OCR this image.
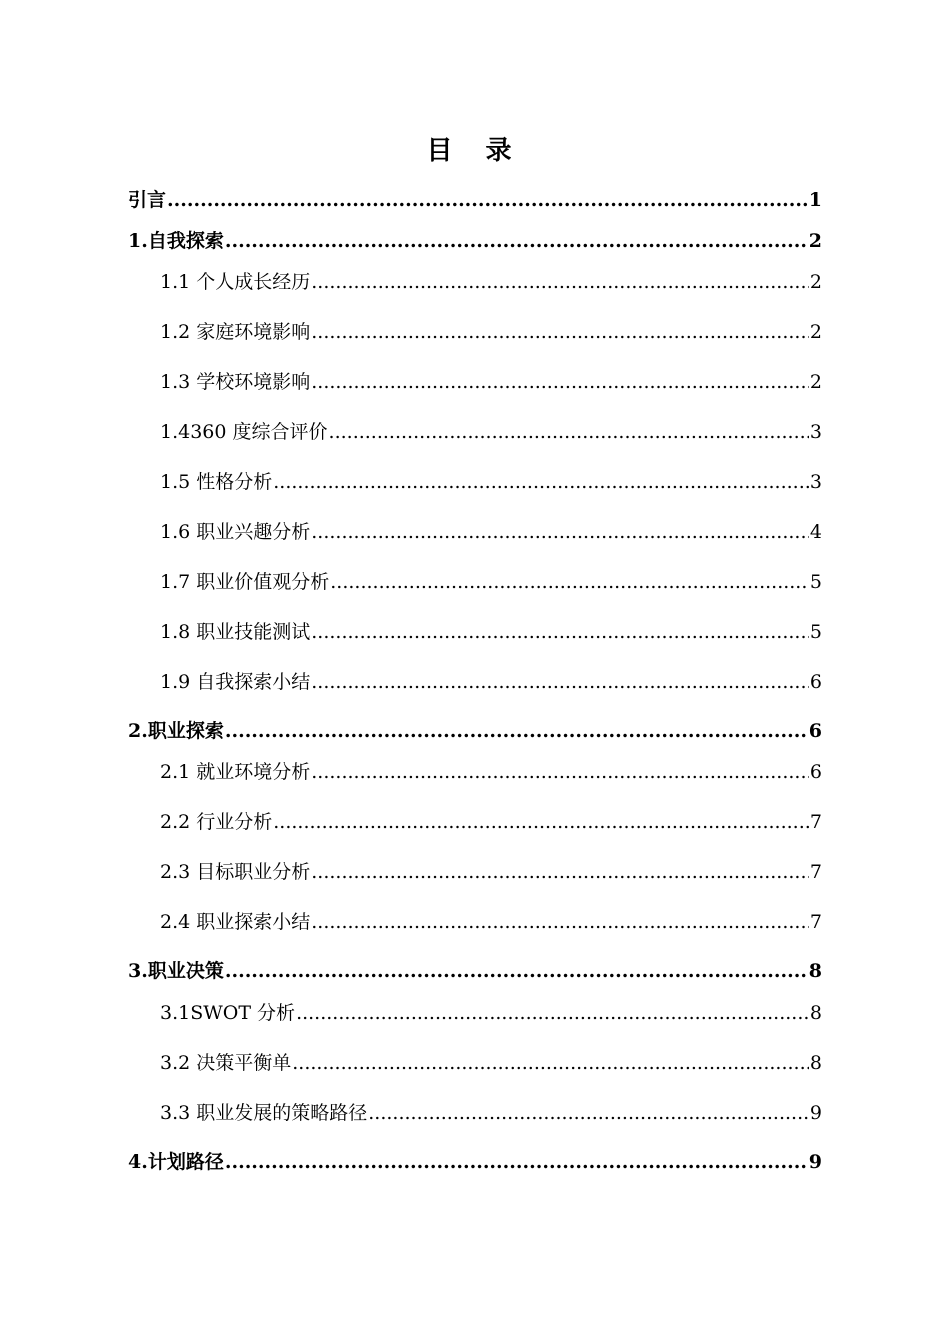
目 录
引言 .....	1
1.自我探索 .....	2
1.1 个人成长经历 .....	2
1.2 家庭环境影响 .....	2
1.3 学校环境影响 .....	2
1.4360 度综合评价 .....	3
1.5 性格分析 .....	3
1.6 职业兴趣分析 .....	4
1.7 职业价值观分析 .....	5
1.8 职业技能测试 .....	5
1.9 自我探索小结 .....	6
2.职业探索 .....	6
2.1 就业环境分析 .....	6
2.2 行业分析 .....	7
2.3 目标职业分析 .....	7
2.4 职业探索小结 .....	7
3.职业决策 .....	8
3.1SWOT 分析 .....	8
3.2 决策平衡单 .....	8
3.3 职业发展的策略路径 .....	9
4.计划路径 .....	9
